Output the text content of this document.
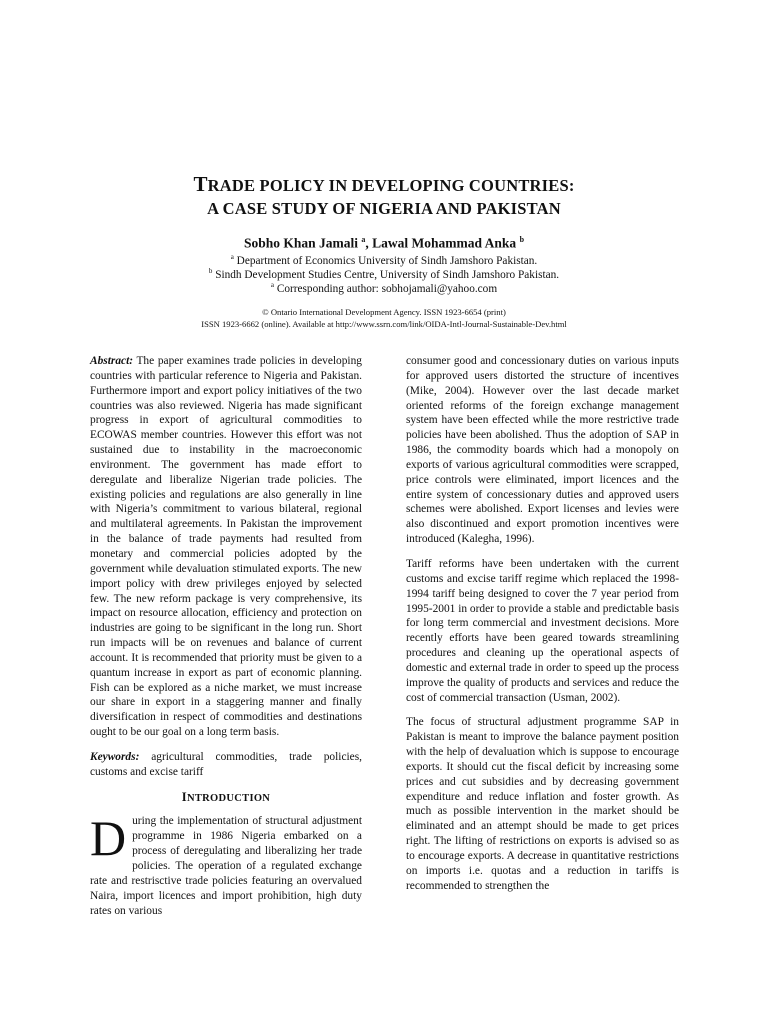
TRADE POLICY IN DEVELOPING COUNTRIES:
A CASE STUDY OF NIGERIA AND PAKISTAN
Sobho Khan Jamali $^a$, Lawal Mohammad Anka $^b$
$^a$ Department of Economics University of Sindh Jamshoro Pakistan.
$^b$ Sindh Development Studies Centre, University of Sindh Jamshoro Pakistan.
$^a$ Corresponding author: sobhojamali@yahoo.com
© Ontario International Development Agency. ISSN 1923-6654 (print)
ISSN 1923-6662 (online). Available at http://www.ssrn.com/link/OIDA-Intl-Journal-Sustainable-Dev.html

Abstract: The paper examines trade policies in developing countries with particular reference to Nigeria and Pakistan. Furthermore import and export policy initiatives of the two countries was also reviewed. Nigeria has made significant progress in export of agricultural commodities to ECOWAS member countries. However this effort was not sustained due to instability in the macroeconomic environment. The government has made effort to deregulate and liberalize Nigerian trade policies. The existing policies and regulations are also generally in line with Nigeria’s commitment to various bilateral, regional and multilateral agreements. In Pakistan the improvement in the balance of trade payments had resulted from monetary and commercial policies adopted by the government while devaluation stimulated exports. The new import policy with drew privileges enjoyed by selected few. The new reform package is very comprehensive, its impact on resource allocation, efficiency and protection on industries are going to be significant in the long run. Short run impacts will be on revenues and balance of current account. It is recommended that priority must be given to a quantum increase in export as part of economic planning. Fish can be explored as a niche market, we must increase our share in export in a staggering manner and finally diversification in respect of commodities and destinations ought to be our goal on a long term basis.

Keywords: agricultural commodities, trade policies, customs and excise tariff

INTRODUCTION

During the implementation of structural adjustment programme in 1986 Nigeria embarked on a process of deregulating and liberalizing her trade policies. The operation of a regulated exchange rate and restrisctive trade policies featuring an overvalued Naira, import licences and import prohibition, high duty rates on various

consumer good and concessionary duties on various inputs for approved users distorted the structure of incentives (Mike, 2004). However over the last decade market oriented reforms of the foreign exchange management system have been effected while the more restrictive trade policies have been abolished. Thus the adoption of SAP in 1986, the commodity boards which had a monopoly on exports of various agricultural commodities were scrapped, price controls were eliminated, import licences and the entire system of concessionary duties and approved users schemes were abolished. Export licenses and levies were also discontinued and export promotion incentives were introduced (Kalegha, 1996).

Tariff reforms have been undertaken with the current customs and excise tariff regime which replaced the 1998-1994 tariff being designed to cover the 7 year period from 1995-2001 in order to provide a stable and predictable basis for long term commercial and investment decisions. More recently efforts have been geared towards streamlining procedures and cleaning up the operational aspects of domestic and external trade in order to speed up the process improve the quality of products and services and reduce the cost of commercial transaction (Usman, 2002).

The focus of structural adjustment programme SAP in Pakistan is meant to improve the balance payment position with the help of devaluation which is suppose to encourage exports. It should cut the fiscal deficit by increasing some prices and cut subsidies and by decreasing government expenditure and reduce inflation and foster growth. As much as possible intervention in the market should be eliminated and an attempt should be made to get prices right. The lifting of restrictions on exports is advised so as to encourage exports. A decrease in quantitative restrictions on imports i.e. quotas and a reduction in tariffs is recommended to strengthen the
